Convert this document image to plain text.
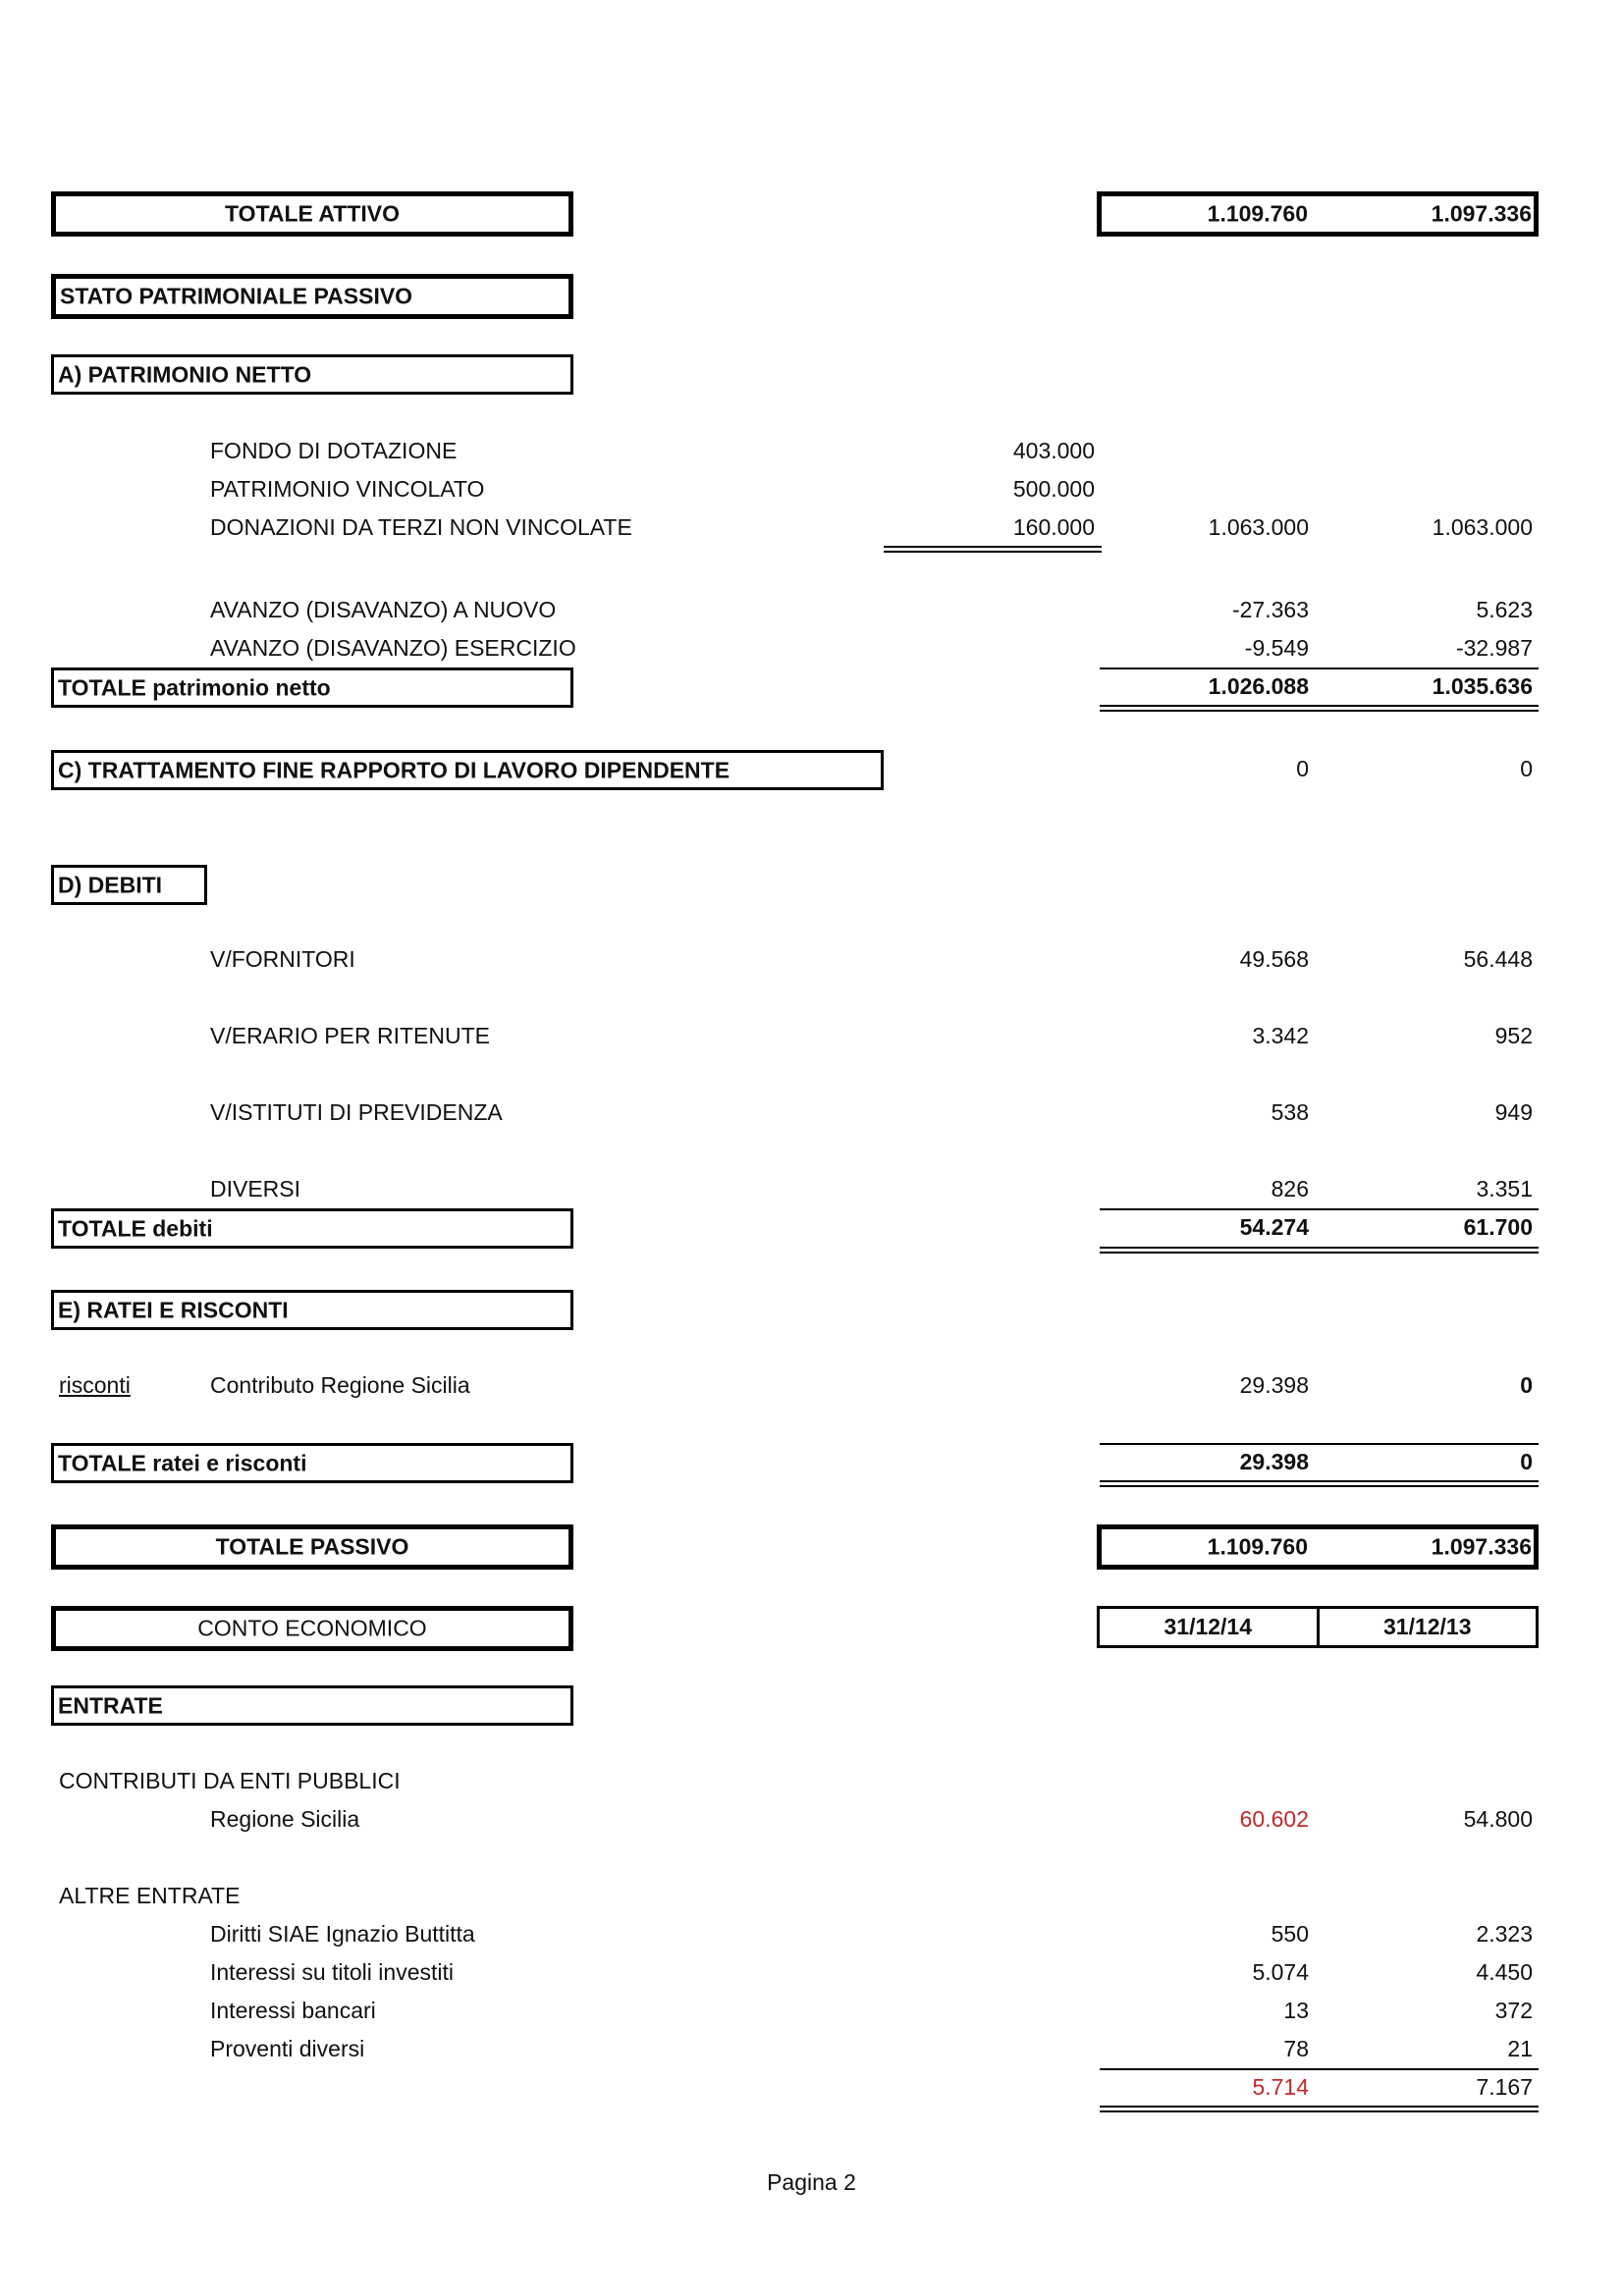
TOTALE ATTIVO	1.109.760	1.097.336
STATO PATRIMONIALE PASSIVO
A) PATRIMONIO NETTO
FONDO DI DOTAZIONE	403.000
PATRIMONIO VINCOLATO	500.000
DONAZIONI DA TERZI NON VINCOLATE	160.000	1.063.000	1.063.000
AVANZO (DISAVANZO) A NUOVO	-27.363	5.623
AVANZO (DISAVANZO) ESERCIZIO	-9.549	-32.987
TOTALE patrimonio netto	1.026.088	1.035.636
C) TRATTAMENTO FINE RAPPORTO DI LAVORO DIPENDENTE	0	0
D) DEBITI
V/FORNITORI	49.568	56.448
V/ERARIO PER RITENUTE	3.342	952
V/ISTITUTI DI PREVIDENZA	538	949
DIVERSI	826	3.351
TOTALE debiti	54.274	61.700
E) RATEI E RISCONTI
risconti	Contributo Regione Sicilia	29.398	0
TOTALE ratei e risconti	29.398	0
TOTALE PASSIVO	1.109.760	1.097.336
CONTO ECONOMICO	31/12/14	31/12/13
ENTRATE
CONTRIBUTI DA ENTI PUBBLICI
Regione Sicilia	60.602	54.800
ALTRE ENTRATE
Diritti SIAE Ignazio Buttitta	550	2.323
Interessi su titoli investiti	5.074	4.450
Interessi bancari	13	372
Proventi diversi	78	21
5.714	7.167
Pagina 2
